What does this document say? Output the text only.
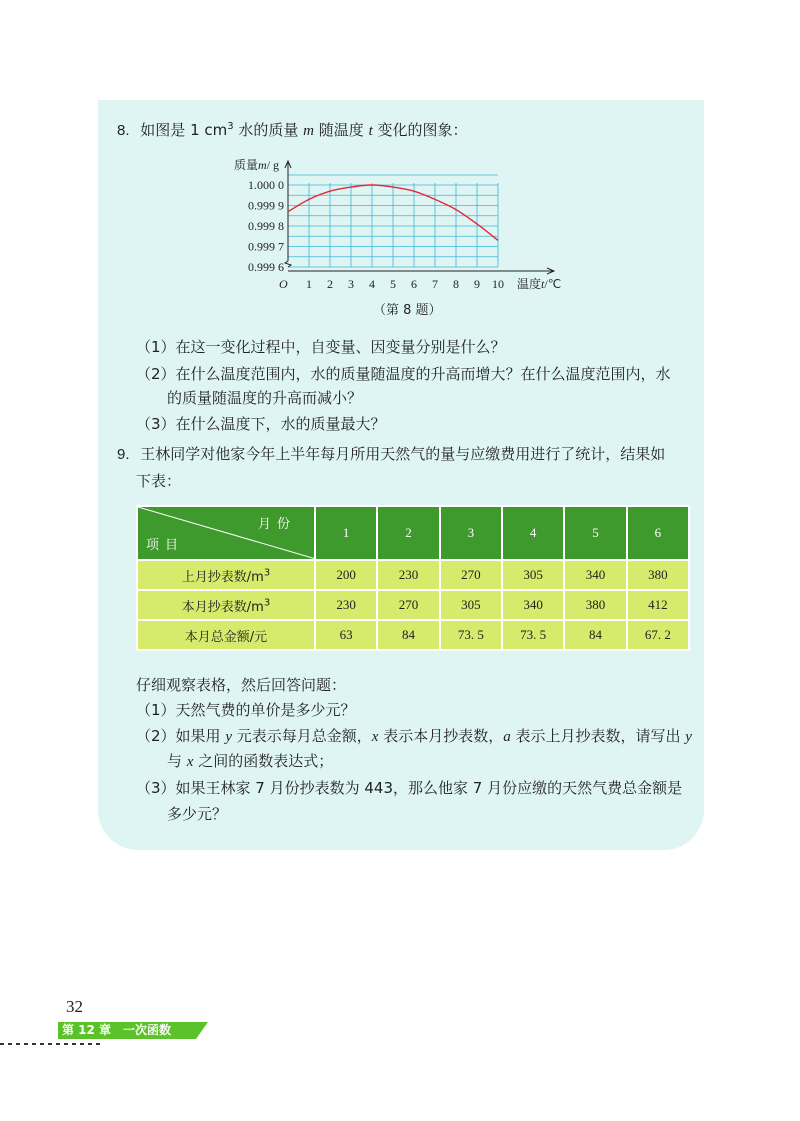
8. 如图是 1 $cm^3$ 水的质量 m 随温度 t 变化的图象：
1 2 3 4 5 6 7 8 9 10
1.000 0
0.999 9
0.999 8
0.999 7
0.999 6
质量m/ g
温度t/℃
O
（第 8 题）
（1）在这一变化过程中，自变量、因变量分别是什么？
（2）在什么温度范围内，水的质量随温度的升高而增大？在什么温度范围内，水
的质量随温度的升高而减小？
（3）在什么温度下，水的质量最大？
9. 王林同学对他家今年上半年每月所用天然气的量与应缴费用进行了统计，结果如
下表：
月份
项目	1	2	3	4	5	6
上月抄表数$/m^3$	200	230	270	305	340	380
本月抄表数$/m^3$	230	270	305	340	380	412
本月总金额/元	63	84	73. 5	73. 5	84	67. 2
仔细观察表格，然后回答问题：
（1）天然气费的单价是多少元？
（2）如果用 y 元表示每月总金额，x 表示本月抄表数，a 表示上月抄表数，请写出 y
与 x 之间的函数表达式；
（3）如果王林家 7 月份抄表数为 443，那么他家 7 月份应缴的天然气费总金额是
多少元？
32
第 12 章　一次函数
